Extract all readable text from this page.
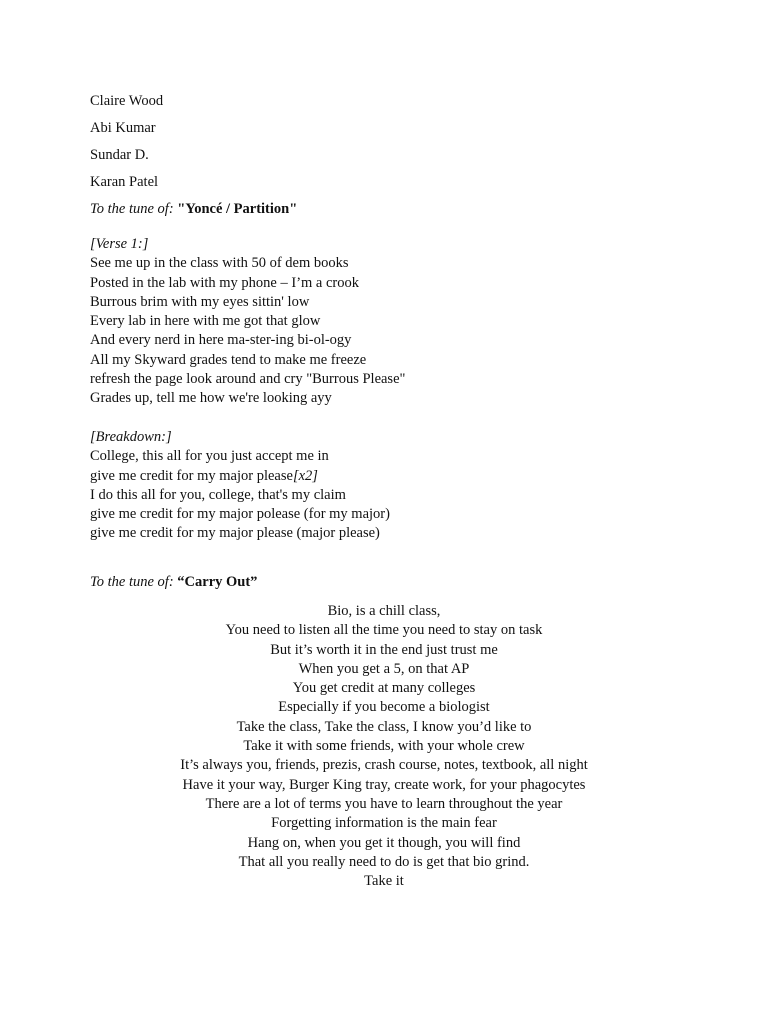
Claire Wood
Abi Kumar
Sundar D.
Karan Patel
To the tune of: "Yoncé / Partition"
[Verse 1:]
See me up in the class with 50 of dem books
Posted in the lab with my phone – I’m a crook
Burrous brim with my eyes sittin' low
Every lab in here with me got that glow
And every nerd in here ma-ster-ing bi-ol-ogy
All my Skyward grades tend to make me freeze
refresh the page look around and cry "Burrous Please"
Grades up, tell me how we're looking ayy
[Breakdown:]
College, this all for you just accept me in
give me credit for my major please[x2]
I do this all for you, college, that's my claim
give me credit for my major polease (for my major)
give me credit for my major please (major please)
To the tune of: “Carry Out”
Bio, is a chill class,
You need to listen all the time you need to stay on task
But it’s worth it in the end just trust me
When you get a 5, on that AP
You get credit at many colleges
Especially if you become a biologist
Take the class, Take the class, I know you’d like to
Take it with some friends, with your whole crew
It’s always you, friends, prezis, crash course, notes, textbook, all night
Have it your way, Burger King tray, create work, for your phagocytes
There are a lot of terms you have to learn throughout the year
Forgetting information is the main fear
Hang on, when you get it though, you will find
That all you really need to do is get that bio grind.
Take it
